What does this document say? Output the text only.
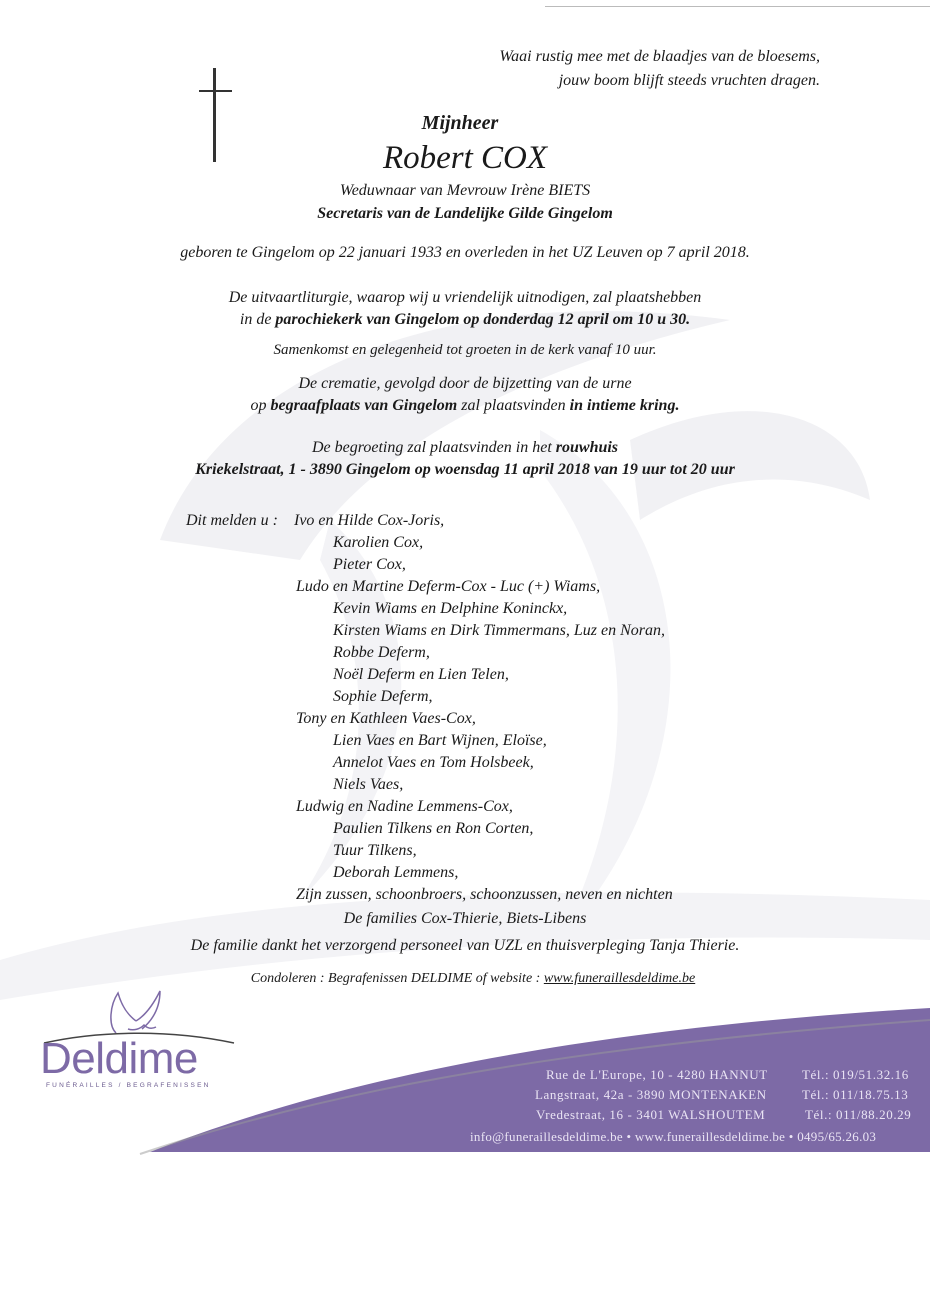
Waai rustig mee met de blaadjes van de bloesems,
jouw boom blijft steeds vruchten dragen.
Mijnheer
Robert COX
Weduwnaar van Mevrouw Irène BIETS
Secretaris van de Landelijke Gilde Gingelom
geboren te Gingelom op 22 januari 1933 en overleden in het UZ Leuven op 7 april 2018.
De uitvaartliturgie, waarop wij u vriendelijk uitnodigen, zal plaatshebben
in de parochiekerk van Gingelom op donderdag 12 april om 10 u 30.
Samenkomst en gelegenheid tot groeten in de kerk vanaf 10 uur.
De crematie, gevolgd door de bijzetting van de urne
op begraafplaats van Gingelom zal plaatsvinden in intieme kring.
De begroeting zal plaatsvinden in het rouwhuis
Kriekelstraat, 1 - 3890 Gingelom op woensdag 11 april 2018 van 19 uur tot 20 uur
Dit melden u : Ivo en Hilde Cox-Joris,
Karolien Cox,
Pieter Cox,
Ludo en Martine Deferm-Cox - Luc (+) Wiams,
Kevin Wiams en Delphine Koninckx,
Kirsten Wiams en Dirk Timmermans, Luz en Noran,
Robbe Deferm,
Noël Deferm en Lien Telen,
Sophie Deferm,
Tony en Kathleen Vaes-Cox,
Lien Vaes en Bart Wijnen, Eloïse,
Annelot Vaes en Tom Holsbeek,
Niels Vaes,
Ludwig en Nadine Lemmens-Cox,
Paulien Tilkens en Ron Corten,
Tuur Tilkens,
Deborah Lemmens,
Zijn zussen, schoonbroers, schoonzussen, neven en nichten
De families Cox-Thierie, Biets-Libens
De familie dankt het verzorgend personeel van UZL en thuisverpleging Tanja Thierie.
Condoleren : Begrafenissen DELDIME of website : www.funeraillesdeldime.be
Deldime
FUNÉRAILLES / BEGRAFENISSEN
Rue de L'Europe, 10 - 4280 HANNUT	Tél.: 019/51.32.16
Langstraat, 42a - 3890 MONTENAKEN	Tél.: 011/18.75.13
Vredestraat, 16 - 3401 WALSHOUTEM	Tél.: 011/88.20.29
info@funeraillesdeldime.be • www.funeraillesdeldime.be • 0495/65.26.03
